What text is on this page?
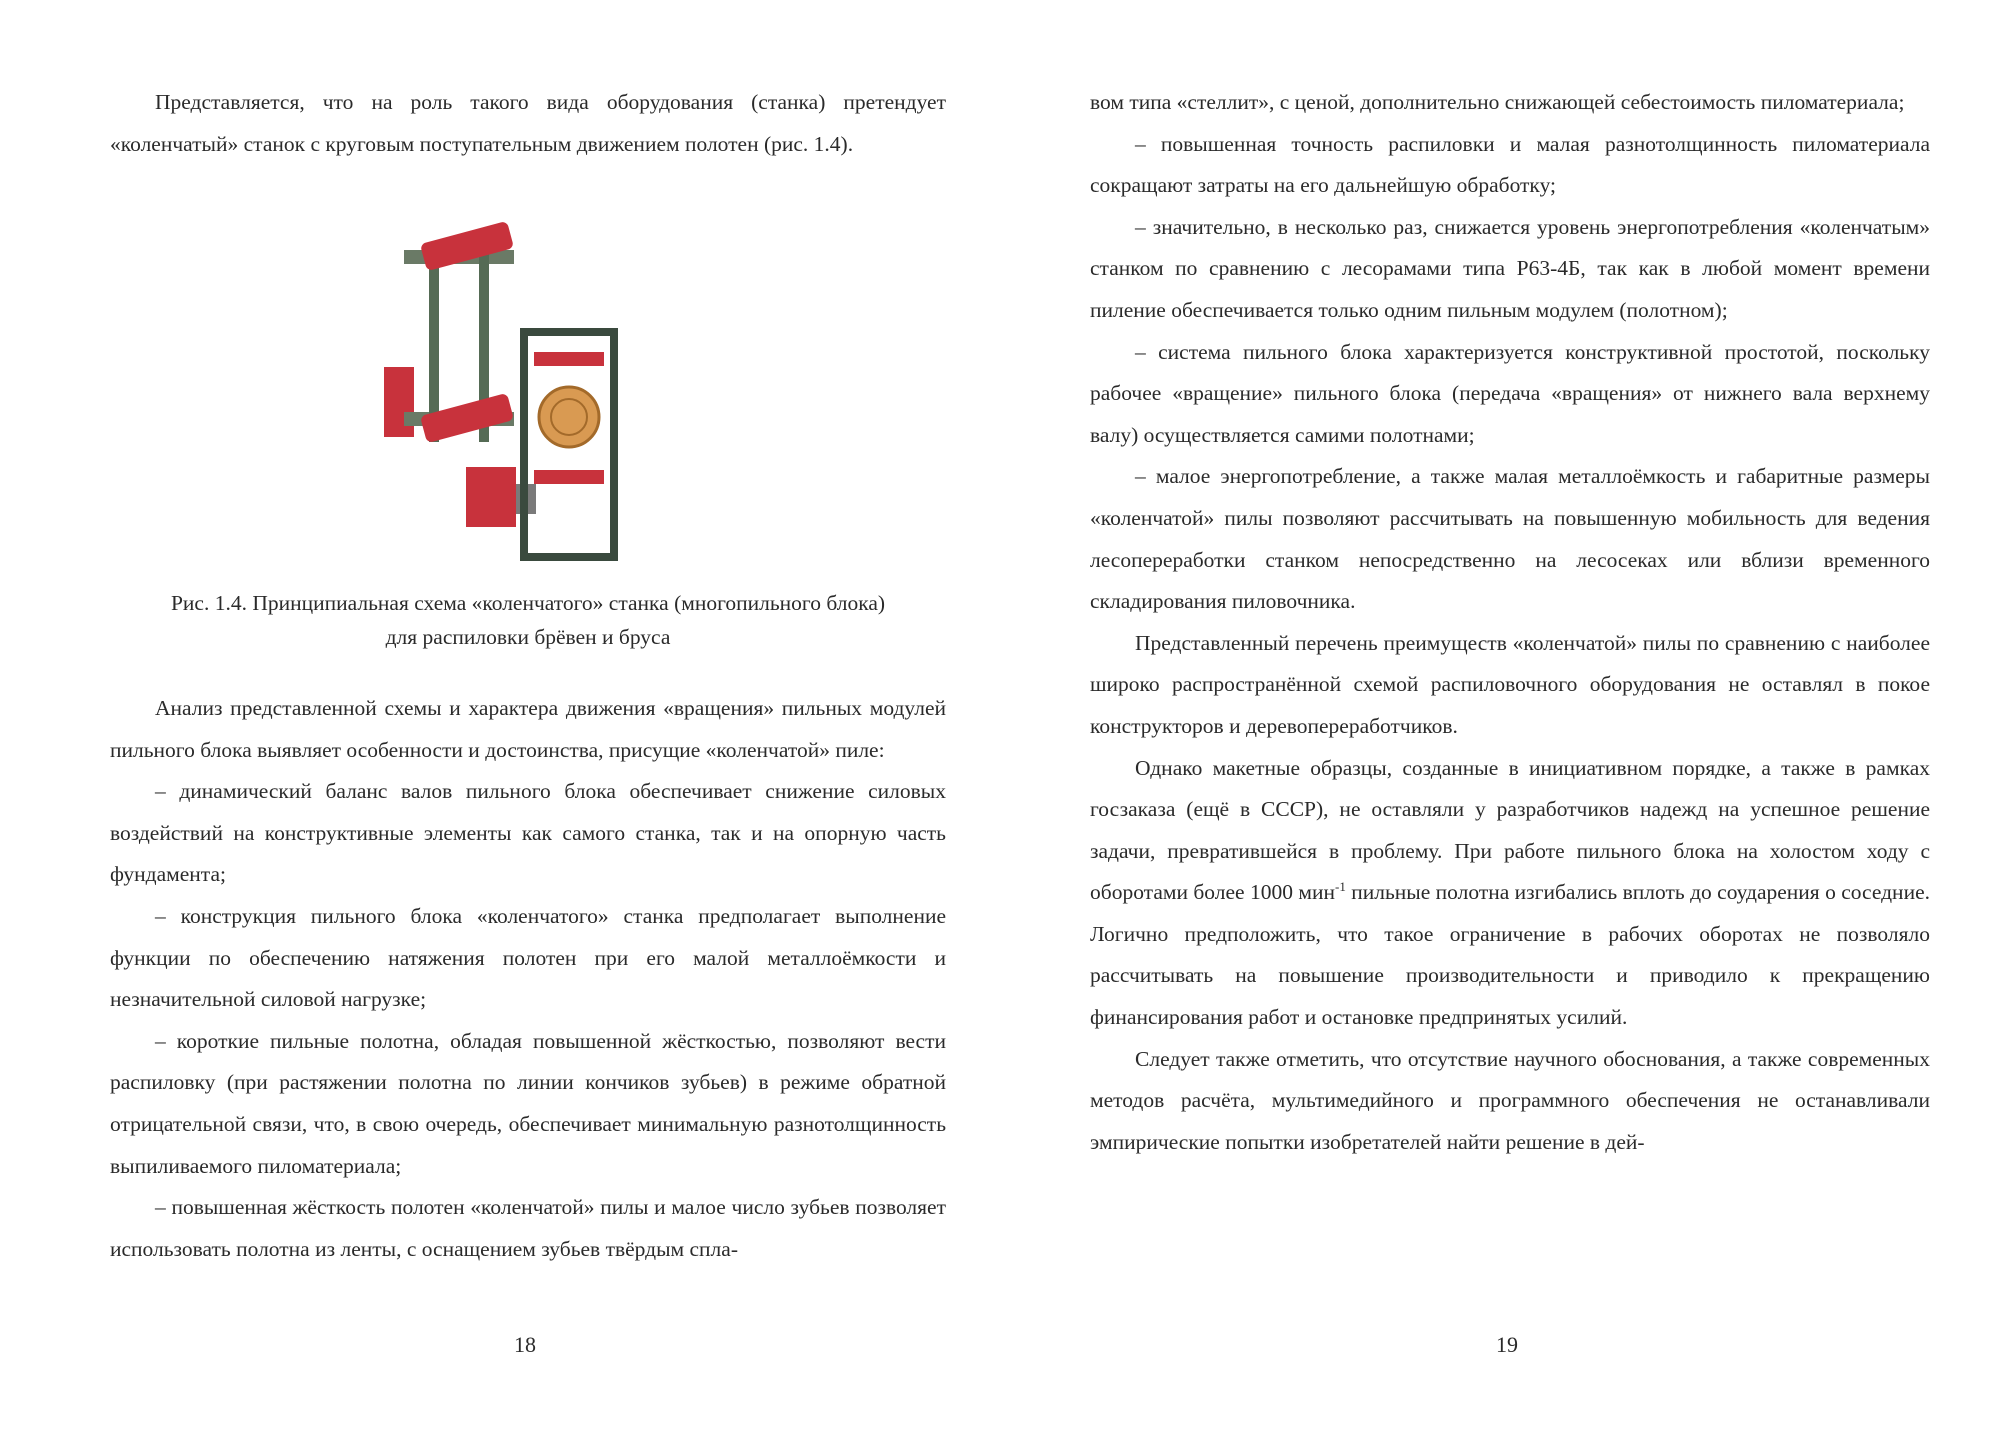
Представляется, что на роль такого вида оборудования (станка) претендует «коленчатый» станок с круговым поступательным движением полотен (рис. 1.4).

Рис. 1.4. Принципиальная схема «коленчатого» станка (многопильного блока)
для распиловки брёвен и бруса

Анализ представленной схемы и характера движения «вращения» пильных модулей пильного блока выявляет особенности и достоинства, присущие «коленчатой» пиле:

– динамический баланс валов пильного блока обеспечивает снижение силовых воздействий на конструктивные элементы как самого станка, так и на опорную часть фундамента;

– конструкция пильного блока «коленчатого» станка предполагает выполнение функции по обеспечению натяжения полотен при его малой металлоёмкости и незначительной силовой нагрузке;

– короткие пильные полотна, обладая повышенной жёсткостью, позволяют вести распиловку (при растяжении полотна по линии кончиков зубьев) в режиме обратной отрицательной связи, что, в свою очередь, обеспечивает минимальную разнотолщинность выпиливаемого пиломатериала;

– повышенная жёсткость полотен «коленчатой» пилы и малое число зубьев позволяет использовать полотна из ленты, с оснащением зубьев твёрдым спла-

18

вом типа «стеллит», с ценой, дополнительно снижающей себестоимость пиломатериала;

– повышенная точность распиловки и малая разнотолщинность пиломатериала сокращают затраты на его дальнейшую обработку;

– значительно, в несколько раз, снижается уровень энергопотребления «коленчатым» станком по сравнению с лесорамами типа Р63-4Б, так как в любой момент времени пиление обеспечивается только одним пильным модулем (полотном);

– система пильного блока характеризуется конструктивной простотой, поскольку рабочее «вращение» пильного блока (передача «вращения» от нижнего вала верхнему валу) осуществляется самими полотнами;

– малое энергопотребление, а также малая металлоёмкость и габаритные размеры «коленчатой» пилы позволяют рассчитывать на повышенную мобильность для ведения лесопереработки станком непосредственно на лесосеках или вблизи временного складирования пиловочника.

Представленный перечень преимуществ «коленчатой» пилы по сравнению с наиболее широко распространённой схемой распиловочного оборудования не оставлял в покое конструкторов и деревопереработчиков.

Однако макетные образцы, созданные в инициативном порядке, а также в рамках госзаказа (ещё в СССР), не оставляли у разработчиков надежд на успешное решение задачи, превратившейся в проблему. При работе пильного блока на холостом ходу с оборотами более 1000 мин$^{-1}$ пильные полотна изгибались вплоть до соударения о соседние. Логично предположить, что такое ограничение в рабочих оборотах не позволяло рассчитывать на повышение производительности и приводило к прекращению финансирования работ и остановке предпринятых усилий.

Следует также отметить, что отсутствие научного обоснования, а также современных методов расчёта, мультимедийного и программного обеспечения не останавливали эмпирические попытки изобретателей найти решение в дей-

19
